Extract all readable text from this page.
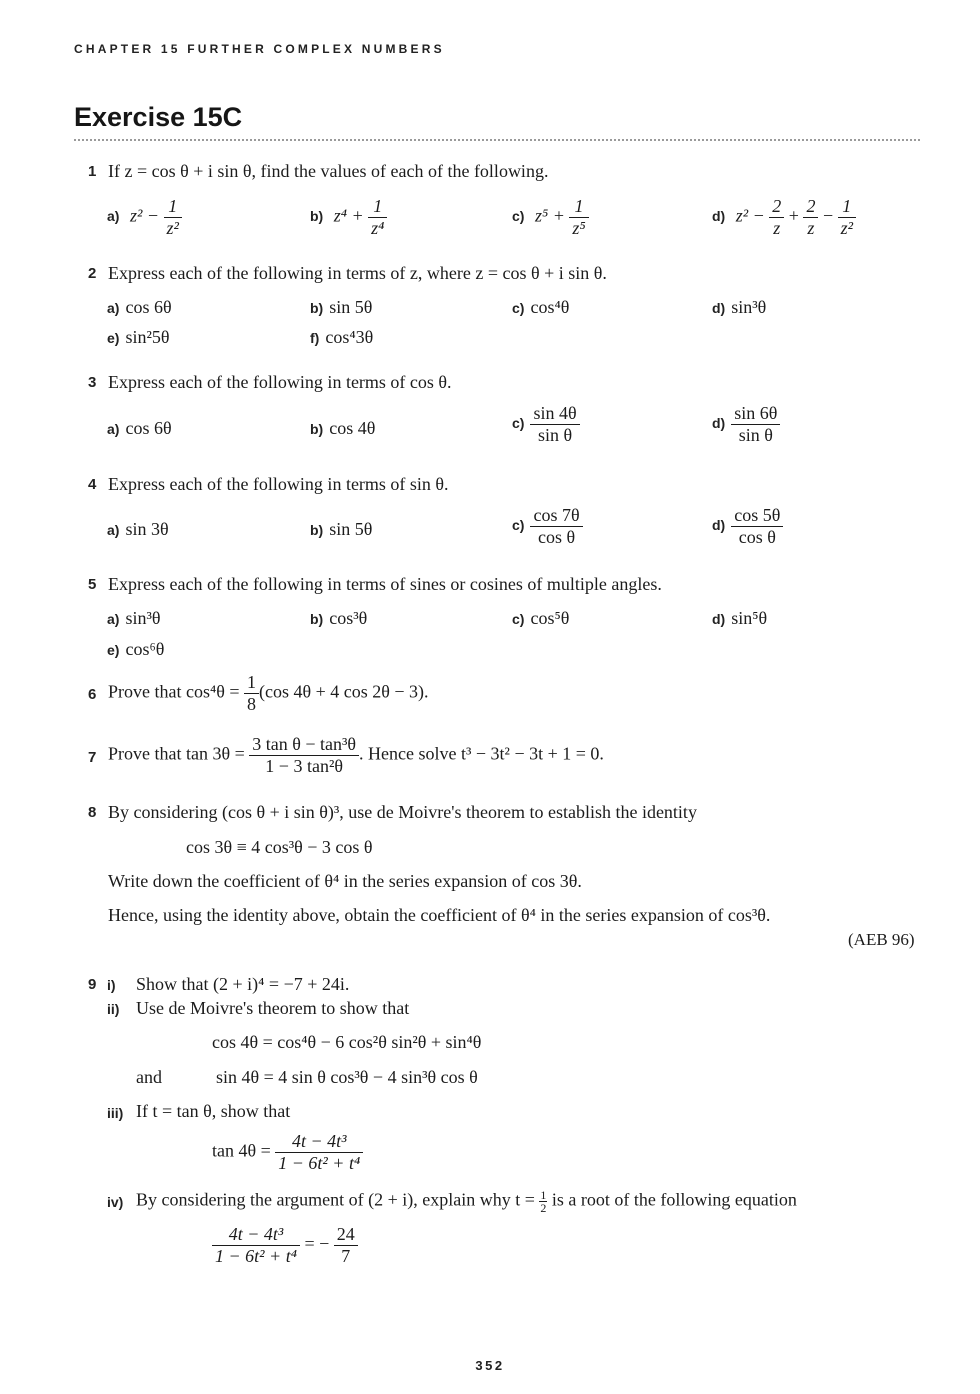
CHAPTER 15 FURTHER COMPLEX NUMBERS
Exercise 15C
1 If z = cos θ + i sin θ, find the values of each of the following.
a) $z^2 - \frac{1}{\text{z²}}$	b) $z^4 + \frac{1}{\text{z⁴}}$	c) $z^5 + \frac{1}{\text{z⁵}}$	d) $z^2 - \frac{2}{z} + \frac{2}{z} - \frac{1}{\text{z²}}$
2 Express each of the following in terms of z, where z = cos θ + i sin θ.
a) cos 6θ	b) sin 5θ	c) cos⁴θ	d) sin³θ
e) sin²5θ	f) cos⁴3θ
3 Express each of the following in terms of cos θ.
a) cos 6θ	b) cos 4θ	$c) \frac{\sin 4\theta}{\text{sin θ}}$	$d) \frac{\sin 6\theta}{\text{sin θ}}$
4 Express each of the following in terms of sin θ.
a) sin 3θ	b) sin 5θ	$c) \frac{\cos 7\theta}{\text{cos θ}}$	$d) \frac{\cos 5\theta}{\text{cos θ}}$
5 Express each of the following in terms of sines or cosines of multiple angles.
a) sin³θ	b) cos³θ	c) cos⁵θ	d) sin⁵θ
e) cos⁶θ
6 Prove that $\cos^4\theta = \frac{1}{8} (\cos$ 4θ + 4 cos 2θ − 3).
7 Prove that $\tan 3\theta = \frac{\text{3 tan θ − tan³θ}}{\text{1 − 3 tan²θ}}$ . Hence solve t³ − 3t² − 3t + 1 = 0.
8 By considering (cos θ + i sin θ)³, use de Moivre's theorem to establish the identity
cos 3θ ≡ 4 cos³θ − 3 cos θ
Write down the coefficient of θ⁴ in the series expansion of cos 3θ.
Hence, using the identity above, obtain the coefficient of θ⁴ in the series expansion of cos³θ.
(AEB 96)
9 i) Show that (2 + i)⁴ = −7 + 24i.
ii) Use de Moivre's theorem to show that
cos 4θ = cos⁴θ − 6 cos²θ sin²θ + sin⁴θ
and	sin 4θ = 4 sin θ cos³θ − 4 sin³θ cos θ
iii) If t = tan θ, show that
$\tan 4\theta = \frac{\text{4t − 4t³}}{\text{1 − 6t² + t⁴}}$
iv) By considering the argument of (2 + i), explain why $t = \frac{1}{2}$ is a root of the following equation
$\frac{\text{4t − 4t³}}{\text{1 − 6t² + t⁴}}$ = − $\frac{24}{7}$
352
